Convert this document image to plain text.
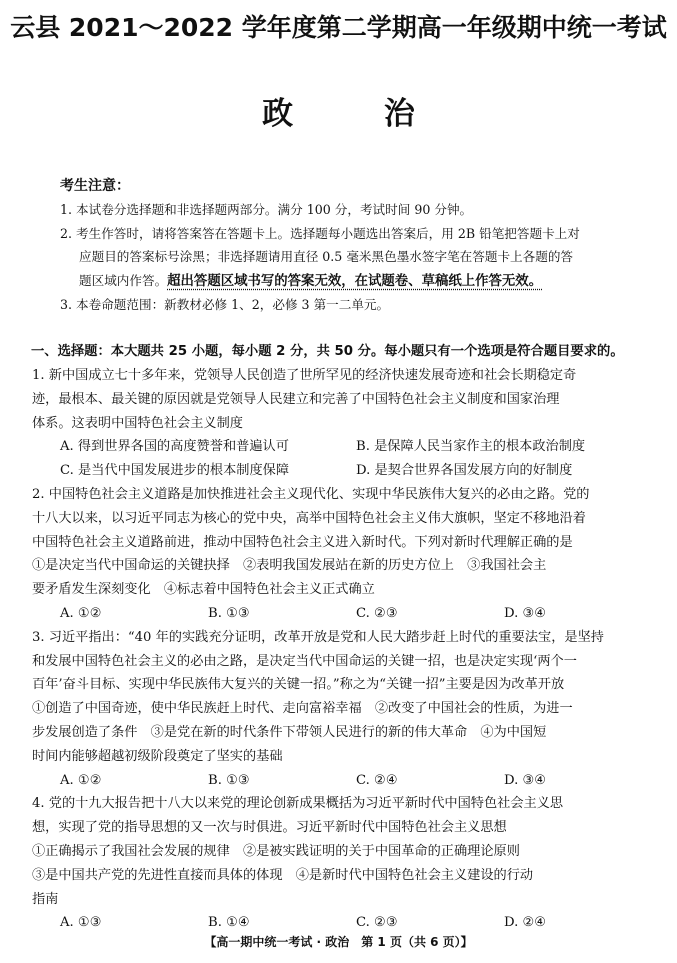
云县 2021～2022 学年度第二学期高一年级期中统一考试
政 治
考生注意：
1. 本试卷分选择题和非选择题两部分。满分 100 分，考试时间 90 分钟。
2. 考生作答时，请将答案答在答题卡上。选择题每小题选出答案后，用 2B 铅笔把答题卡上对
应题目的答案标号涂黑；非选择题请用直径 0.5 毫米黑色墨水签字笔在答题卡上各题的答
题区域内作答。超出答题区域书写的答案无效，在试题卷、草稿纸上作答无效。
3. 本卷命题范围：新教材必修 1、2，必修 3 第一二单元。
一、选择题：本大题共 25 小题，每小题 2 分，共 50 分。每小题只有一个选项是符合题目要求的。
1. 新中国成立七十多年来，党领导人民创造了世所罕见的经济快速发展奇迹和社会长期稳定奇
迹，最根本、最关键的原因就是党领导人民建立和完善了中国特色社会主义制度和国家治理
体系。这表明中国特色社会主义制度
A. 得到世界各国的高度赞誉和普遍认可	B. 是保障人民当家作主的根本政治制度
C. 是当代中国发展进步的根本制度保障	D. 是契合世界各国发展方向的好制度
2. 中国特色社会主义道路是加快推进社会主义现代化、实现中华民族伟大复兴的必由之路。党的
十八大以来，以习近平同志为核心的党中央，高举中国特色社会主义伟大旗帜，坚定不移地沿着
中国特色社会主义道路前进，推动中国特色社会主义进入新时代。下列对新时代理解正确的是
①是决定当代中国命运的关键抉择　②表明我国发展站在新的历史方位上　③我国社会主
要矛盾发生深刻变化　④标志着中国特色社会主义正式确立
A. ①②	B. ①③	C. ②③	D. ③④
3. 习近平指出：“40 年的实践充分证明，改革开放是党和人民大踏步赶上时代的重要法宝，是坚持
和发展中国特色社会主义的必由之路，是决定当代中国命运的关键一招，也是决定实现‘两个一
百年’奋斗目标、实现中华民族伟大复兴的关键一招。”称之为“关键一招”主要是因为改革开放
①创造了中国奇迹，使中华民族赶上时代、走向富裕幸福　②改变了中国社会的性质，为进一
步发展创造了条件　③是党在新的时代条件下带领人民进行的新的伟大革命　④为中国短
时间内能够超越初级阶段奠定了坚实的基础
A. ①②	B. ①③	C. ②④	D. ③④
4. 党的十九大报告把十八大以来党的理论创新成果概括为习近平新时代中国特色社会主义思
想，实现了党的指导思想的又一次与时俱进。习近平新时代中国特色社会主义思想
①正确揭示了我国社会发展的规律　②是被实践证明的关于中国革命的正确理论原则
③是中国共产党的先进性直接而具体的体现　④是新时代中国特色社会主义建设的行动
指南
A. ①③	B. ①④	C. ②③	D. ②④
【高一期中统一考试 · 政治　第 1 页（共 6 页）】
